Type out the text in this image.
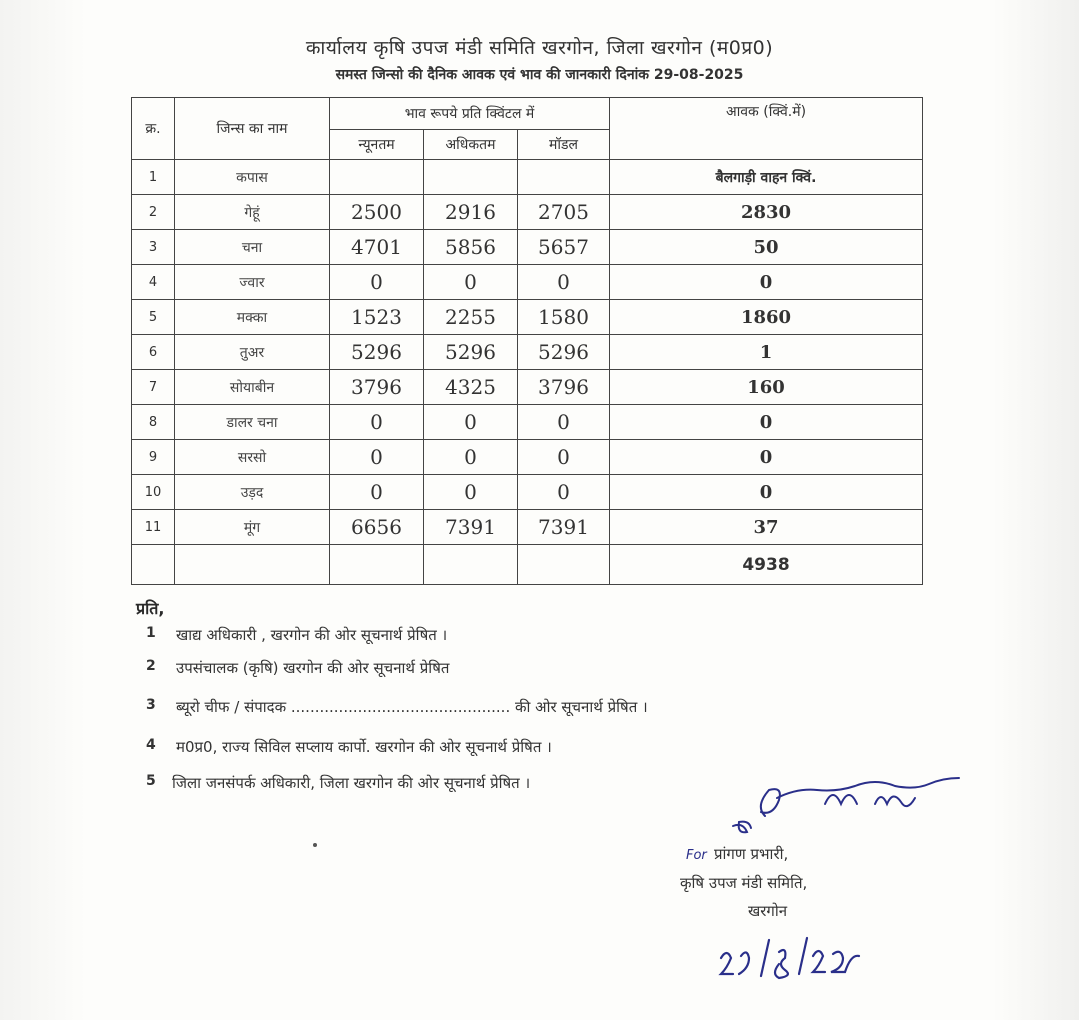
कार्यालय कृषि उपज मंडी समिति खरगोन, जिला खरगोन (म0प्र0)
समस्त जिन्सो की दैनिक आवक एवं भाव की जानकारी दिनांक 29-08-2025
क्र.	जिन्स का नाम	भाव रूपये प्रति क्विंटल में			आवक (क्विं.में)
		न्यूनतम	अधिकतम	मॉडल	
1	कपास				बैलगाड़ी वाहन क्विं.
2	गेहूं	2500	2916	2705	2830
3	चना	4701	5856	5657	50
4	ज्वार	0	0	0	0
5	मक्का	1523	2255	1580	1860
6	तुअर	5296	5296	5296	1
7	सोयाबीन	3796	4325	3796	160
8	डालर चना	0	0	0	0
9	सरसो	0	0	0	0
10	उड़द	0	0	0	0
11	मूंग	6656	7391	7391	37
					4938
प्रति,
1 खाद्य अधिकारी , खरगोन की ओर सूचनार्थ प्रेषित ।
2 उपसंचालक (कृषि) खरगोन की ओर सूचनार्थ प्रेषित
3 ब्यूरो चीफ / संपादक .............................................. की ओर सूचनार्थ प्रेषित ।
4 म0प्र0, राज्य सिविल सप्लाय कार्पो. खरगोन की ओर सूचनार्थ प्रेषित ।
5 जिला जनसंपर्क अधिकारी, जिला खरगोन की ओर सूचनार्थ प्रेषित ।
For प्रांगण प्रभारी,
कृषि उपज मंडी समिति,
खरगोन
